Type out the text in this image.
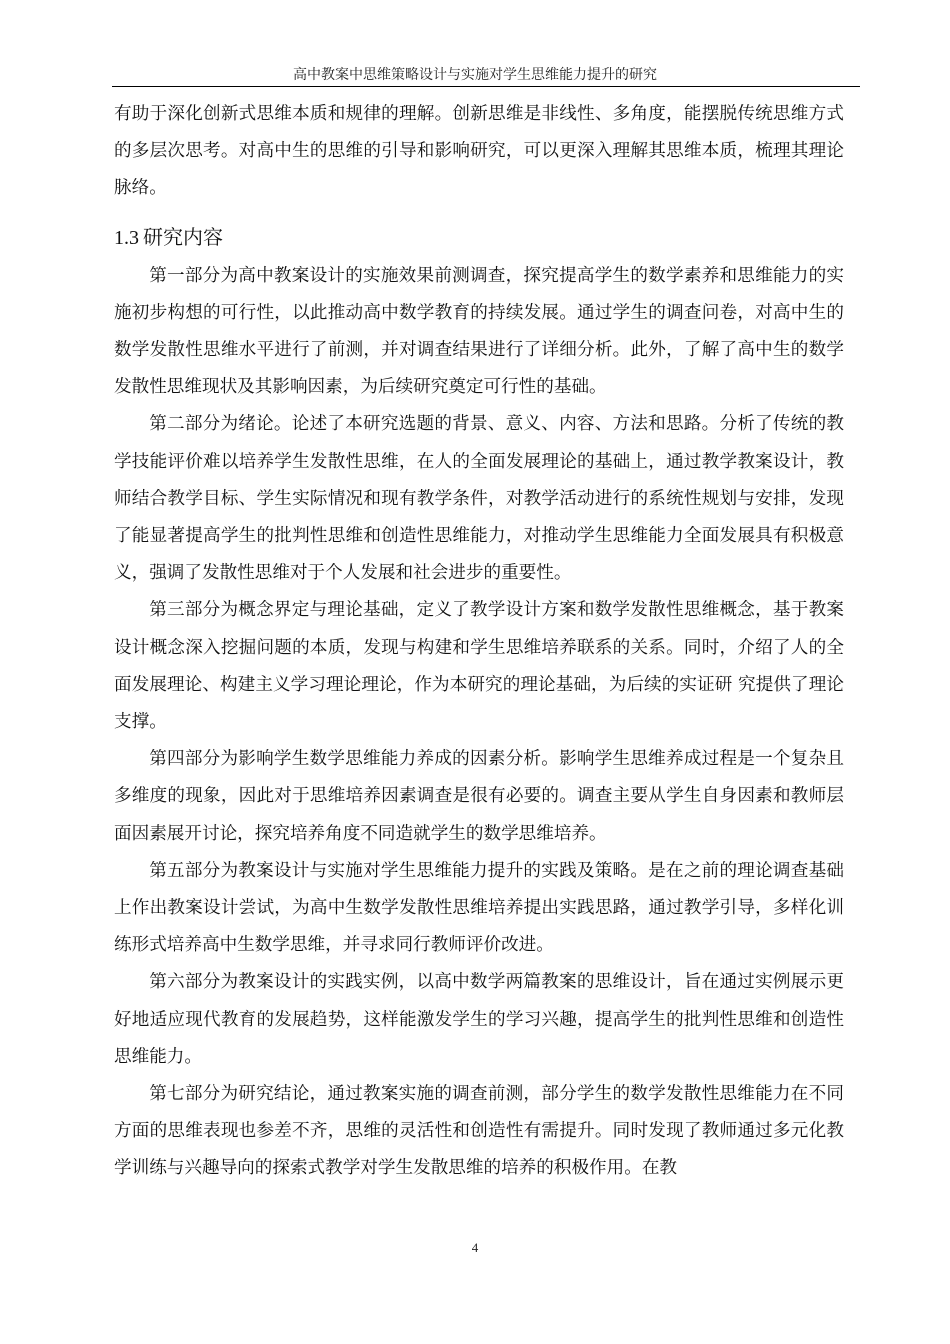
高中教案中思维策略设计与实施对学生思维能力提升的研究

有助于深化创新式思维本质和规律的理解。创新思维是非线性、多角度，能摆脱传统思维方式的多层次思考。对高中生的思维的引导和影响研究，可以更深入理解其思维本质，梳理其理论脉络。

1.3 研究内容

第一部分为高中教案设计的实施效果前测调查，探究提高学生的数学素养和思维能力的实施初步构想的可行性，以此推动高中数学教育的持续发展。通过学生的调查问卷，对高中生的数学发散性思维水平进行了前测，并对调查结果进行了详细分析。此外，了解了高中生的数学发散性思维现状及其影响因素，为后续研究奠定可行性的基础。

第二部分为绪论。论述了本研究选题的背景、意义、内容、方法和思路。分析了传统的教学技能评价难以培养学生发散性思维，在人的全面发展理论的基础上，通过教学教案设计，教师结合教学目标、学生实际情况和现有教学条件，对教学活动进行的系统性规划与安排，发现了能显著提高学生的批判性思维和创造性思维能力，对推动学生思维能力全面发展具有积极意义，强调了发散性思维对于个人发展和社会进步的重要性。

第三部分为概念界定与理论基础，定义了教学设计方案和数学发散性思维概念，基于教案设计概念深入挖掘问题的本质，发现与构建和学生思维培养联系的关系。同时，介绍了人的全面发展理论、构建主义学习理论理论，作为本研究的理论基础，为后续的实证研 究提供了理论支撑。

第四部分为影响学生数学思维能力养成的因素分析。影响学生思维养成过程是一个复杂且多维度的现象，因此对于思维培养因素调查是很有必要的。调查主要从学生自身因素和教师层面因素展开讨论，探究培养角度不同造就学生的数学思维培养。

第五部分为教案设计与实施对学生思维能力提升的实践及策略。是在之前的理论调查基础上作出教案设计尝试，为高中生数学发散性思维培养提出实践思路，通过教学引导，多样化训练形式培养高中生数学思维，并寻求同行教师评价改进。

第六部分为教案设计的实践实例，以高中数学两篇教案的思维设计，旨在通过实例展示更好地适应现代教育的发展趋势，这样能激发学生的学习兴趣，提高学生的批判性思维和创造性思维能力。

第七部分为研究结论，通过教案实施的调查前测，部分学生的数学发散性思维能力在不同方面的思维表现也参差不齐，思维的灵活性和创造性有需提升。同时发现了教师通过多元化教学训练与兴趣导向的探索式教学对学生发散思维的培养的积极作用。在教

4
